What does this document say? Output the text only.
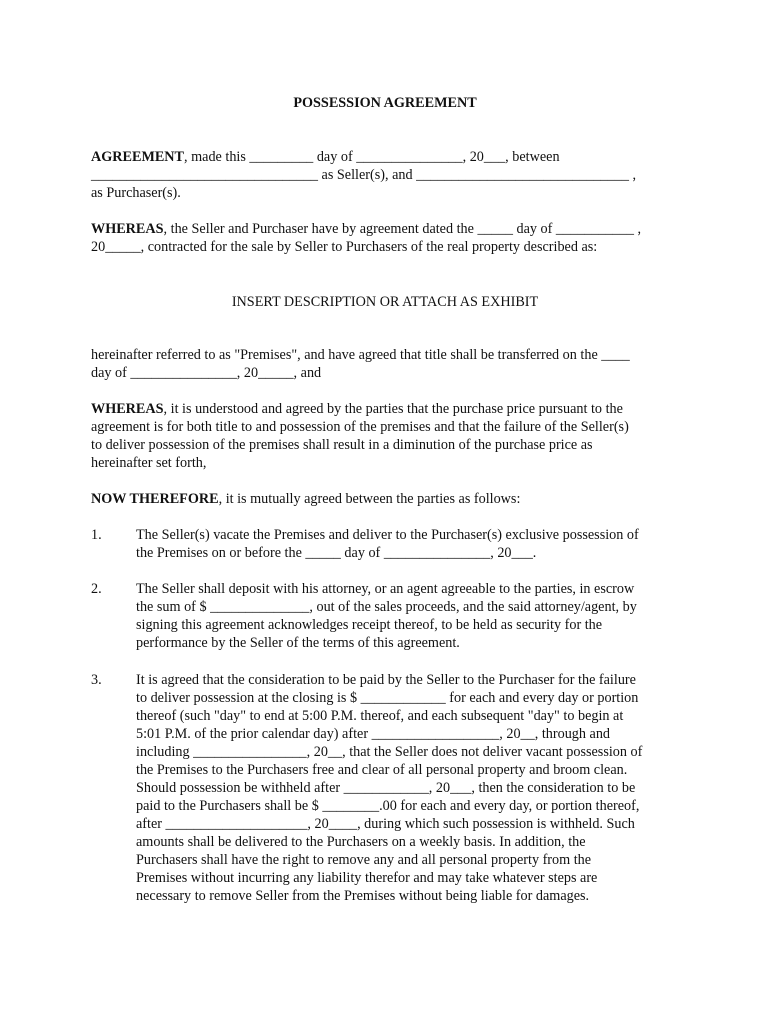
POSSESSION AGREEMENT

AGREEMENT, made this _________ day of _______________, 20___, between
________________________________ as Seller(s), and ______________________________ ,
as Purchaser(s).

WHEREAS, the Seller and Purchaser have by agreement dated the _____ day of ___________ ,
20_____, contracted for the sale by Seller to Purchasers of the real property described as:

INSERT DESCRIPTION OR ATTACH AS EXHIBIT

hereinafter referred to as "Premises", and have agreed that title shall be transferred on the ____
day of _______________, 20_____, and

WHEREAS, it is understood and agreed by the parties that the purchase price pursuant to the
agreement is for both title to and possession of the premises and that the failure of the Seller(s)
to deliver possession of the premises shall result in a diminution of the purchase price as
hereinafter set forth,

NOW THEREFORE, it is mutually agreed between the parties as follows:

1. The Seller(s) vacate the Premises and deliver to the Purchaser(s) exclusive possession of
the Premises on or before the _____ day of _______________, 20___.
2. The Seller shall deposit with his attorney, or an agent agreeable to the parties, in escrow
the sum of $ ______________, out of the sales proceeds, and the said attorney/agent, by
signing this agreement acknowledges receipt thereof, to be held as security for the
performance by the Seller of the terms of this agreement.
3. It is agreed that the consideration to be paid by the Seller to the Purchaser for the failure
to deliver possession at the closing is $ ____________ for each and every day or portion
thereof (such "day" to end at 5:00 P.M. thereof, and each subsequent "day" to begin at
5:01 P.M. of the prior calendar day) after __________________, 20__, through and
including ________________, 20__, that the Seller does not deliver vacant possession of
the Premises to the Purchasers free and clear of all personal property and broom clean.
Should possession be withheld after ____________, 20___, then the consideration to be
paid to the Purchasers shall be $ ________.00 for each and every day, or portion thereof,
after ____________________, 20____, during which such possession is withheld. Such
amounts shall be delivered to the Purchasers on a weekly basis. In addition, the
Purchasers shall have the right to remove any and all personal property from the
Premises without incurring any liability therefor and may take whatever steps are
necessary to remove Seller from the Premises without being liable for damages.
